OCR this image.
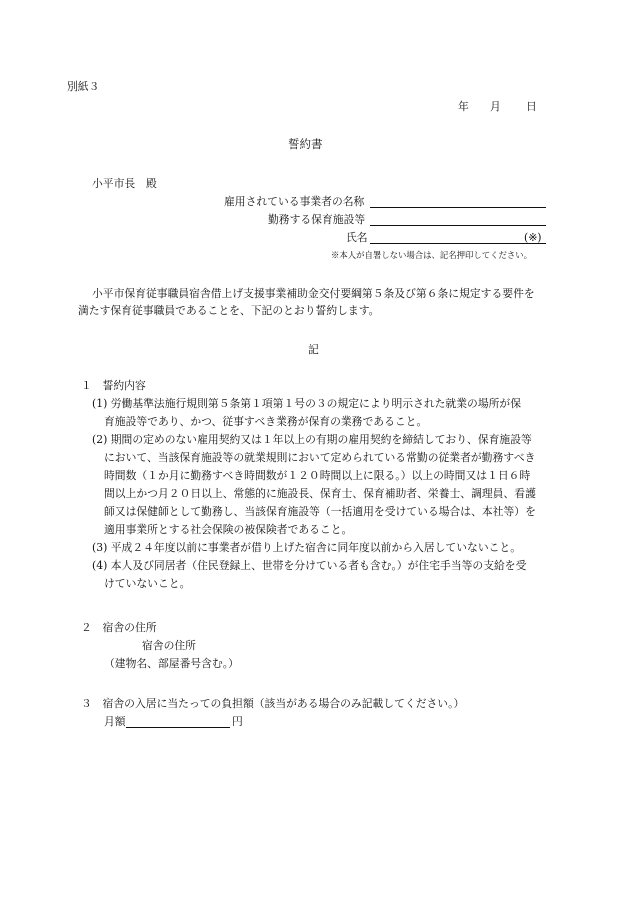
別紙３
年 月 日
誓約書
小平市長　殿
雇用されている事業者の名称
勤務する保育施設等
氏名	(※)
※本人が自署しない場合は、記名押印してください。
小平市保育従事職員宿舎借上げ支援事業補助金交付要綱第５条及び第６条に規定する要件を
満たす保育従事職員であることを、下記のとおり誓約します。
記
１　誓約内容
(1) 労働基準法施行規則第５条第１項第１号の３の規定により明示された就業の場所が保
育施設等であり、かつ、従事すべき業務が保育の業務であること。
(2) 期間の定めのない雇用契約又は１年以上の有期の雇用契約を締結しており、保育施設等
において、当該保育施設等の就業規則において定められている常勤の従業者が勤務すべき
時間数（１か月に勤務すべき時間数が１２０時間以上に限る。）以上の時間又は１日６時
間以上かつ月２０日以上、常態的に施設長、保育士、保育補助者、栄養士、調理員、看護
師又は保健師として勤務し、当該保育施設等（一括適用を受けている場合は、本社等）を
適用事業所とする社会保険の被保険者であること。
(3) 平成２４年度以前に事業者が借り上げた宿舎に同年度以前から入居していないこと。
(4) 本人及び同居者（住民登録上、世帯を分けている者も含む。）が住宅手当等の支給を受
けていないこと。
２　宿舎の住所
宿舎の住所
（建物名、部屋番号含む。）
３　宿舎の入居に当たっての負担額（該当がある場合のみ記載してください。）
月額	円
